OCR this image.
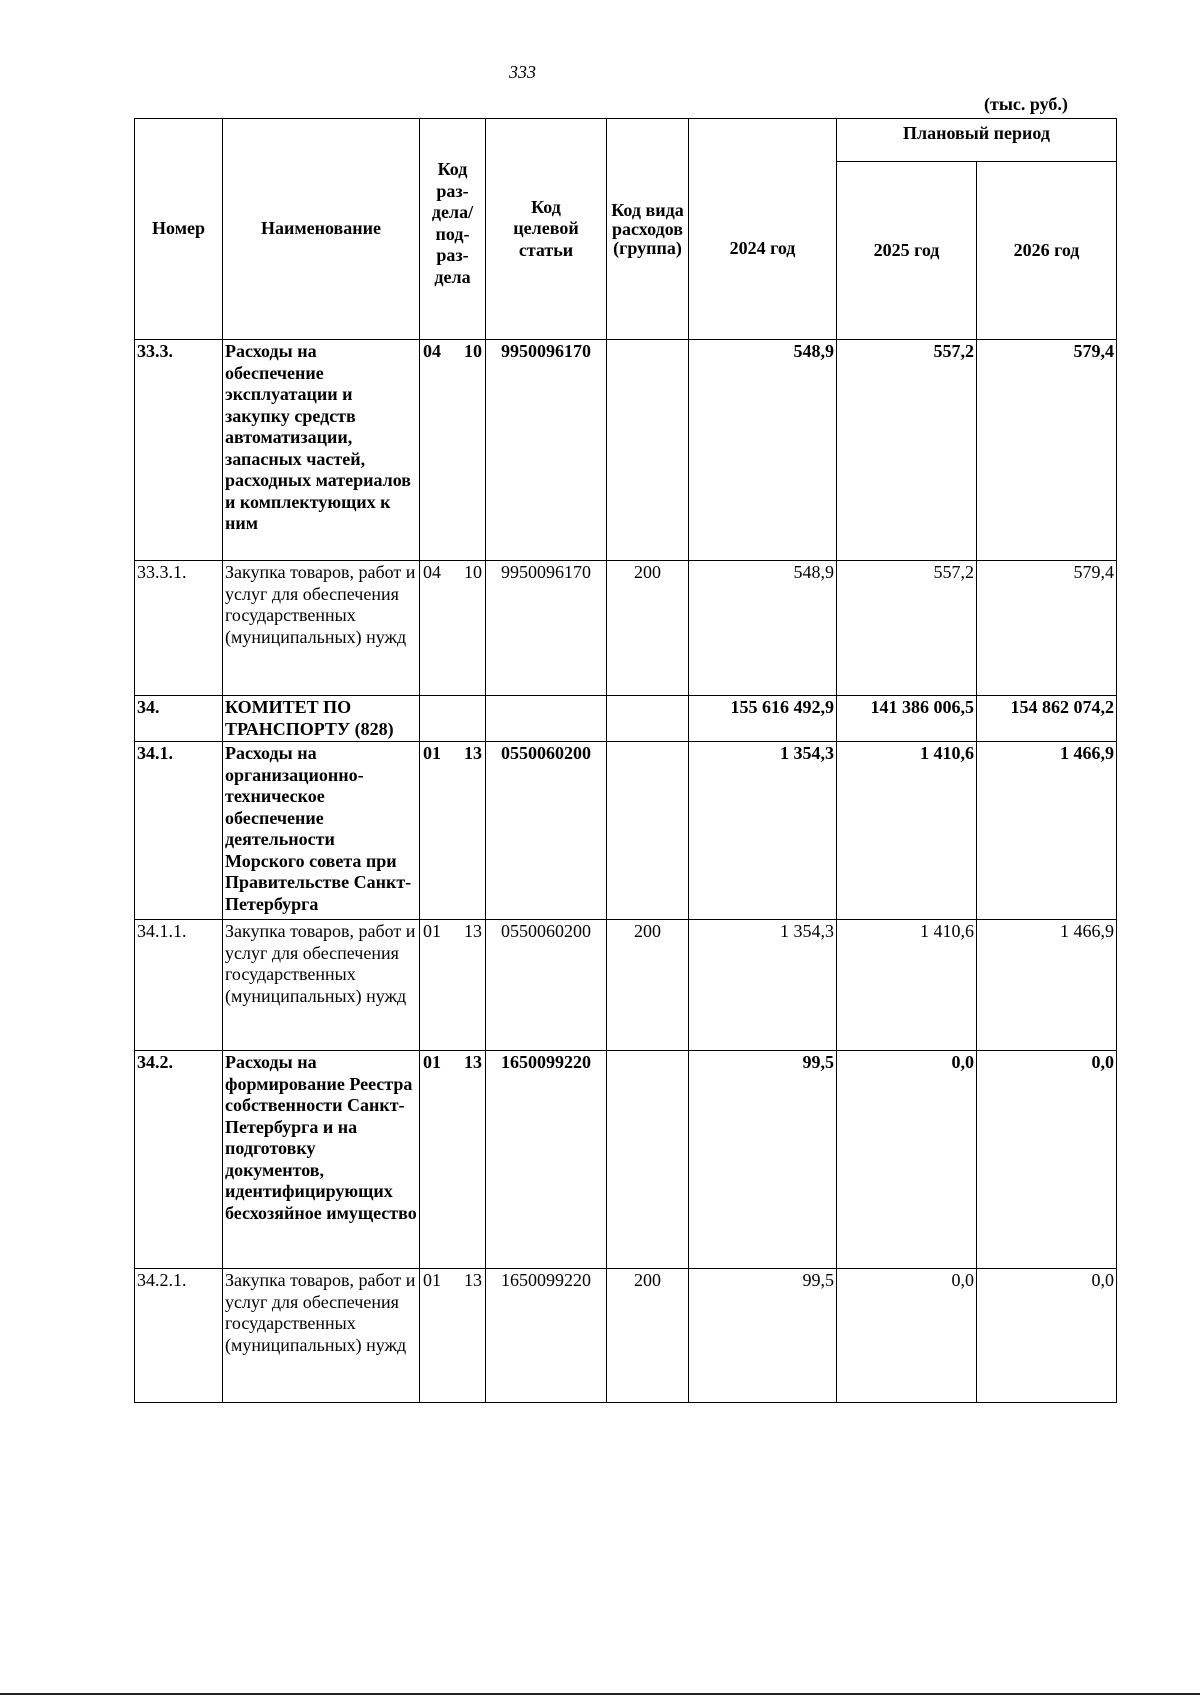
333
(тыс. руб.)
Номер	Наименование	Код раз- дела/ под- раз- дела	Код целевой статьи	Код вида расходов (группа)	2024 год	Плановый период	
						2025 год	2026 год
33.3.	Расходы на обеспечение эксплуатации и закупку средств автоматизации, запасных частей, расходных материалов и комплектующих к ним	04 10	9950096170		548,9	557,2	579,4
33.3.1.	Закупка товаров, работ и услуг для обеспечения государственных (муниципальных) нужд	04 10	9950096170	200	548,9	557,2	579,4
34.	КОМИТЕТ ПО ТРАНСПОРТУ (828)				155 616 492,9	141 386 006,5	154 862 074,2
34.1.	Расходы на организационно-техническое обеспечение деятельности Морского совета при Правительстве Санкт-Петербурга	01 13	0550060200		1 354,3	1 410,6	1 466,9
34.1.1.	Закупка товаров, работ и услуг для обеспечения государственных (муниципальных) нужд	01 13	0550060200	200	1 354,3	1 410,6	1 466,9
34.2.	Расходы на формирование Реестра собственности Санкт-Петербурга и на подготовку документов, идентифицирующих бесхозяйное имущество	01 13	1650099220		99,5	0,0	0,0
34.2.1.	Закупка товаров, работ и услуг для обеспечения государственных (муниципальных) нужд	01 13	1650099220	200	99,5	0,0	0,0
